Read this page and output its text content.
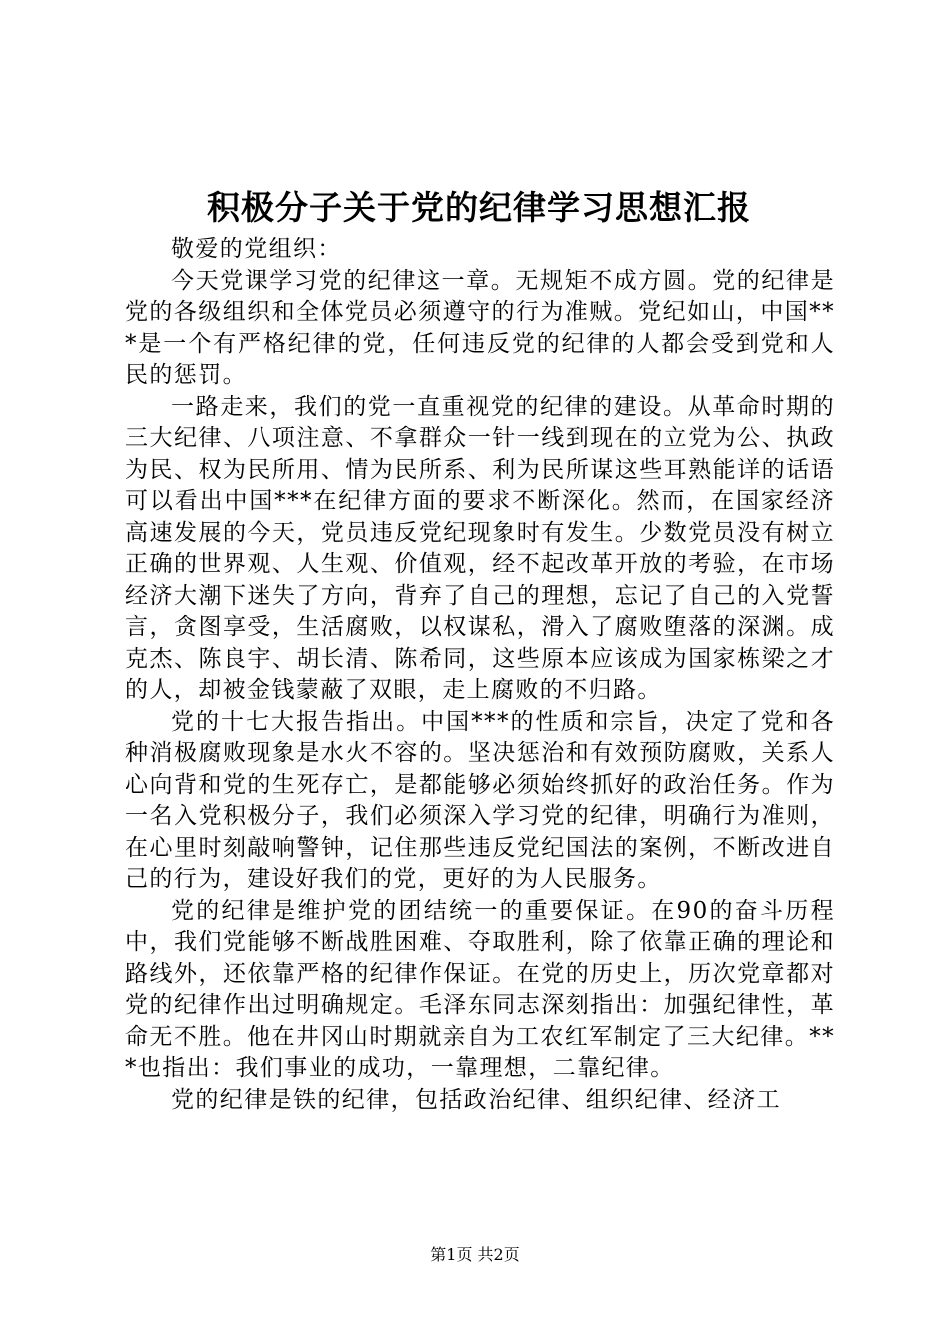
积极分子关于党的纪律学习思想汇报

敬爱的党组织：

今天党课学习党的纪律这一章。无规矩不成方圆。党的纪律是党的各级组织和全体党员必须遵守的行为准贼。党纪如山，中国***是一个有严格纪律的党，任何违反党的纪律的人都会受到党和人民的惩罚。

一路走来，我们的党一直重视党的纪律的建设。从革命时期的三大纪律、八项注意、不拿群众一针一线到现在的立党为公、执政为民、权为民所用、情为民所系、利为民所谋这些耳熟能详的话语可以看出中国***在纪律方面的要求不断深化。然而，在国家经济高速发展的今天，党员违反党纪现象时有发生。少数党员没有树立正确的世界观、人生观、价值观，经不起改革开放的考验，在市场经济大潮下迷失了方向，背弃了自己的理想，忘记了自己的入党誓言，贪图享受，生活腐败，以权谋私，滑入了腐败堕落的深渊。成克杰、陈良宇、胡长清、陈希同，这些原本应该成为国家栋梁之才的人，却被金钱蒙蔽了双眼，走上腐败的不归路。

党的十七大报告指出。中国***的性质和宗旨，决定了党和各种消极腐败现象是水火不容的。坚决惩治和有效预防腐败，关系人心向背和党的生死存亡，是都能够必须始终抓好的政治任务。作为一名入党积极分子，我们必须深入学习党的纪律，明确行为准则，在心里时刻敲响警钟，记住那些违反党纪国法的案例，不断改进自己的行为，建设好我们的党，更好的为人民服务。

党的纪律是维护党的团结统一的重要保证。在90的奋斗历程中，我们党能够不断战胜困难、夺取胜利，除了依靠正确的理论和路线外，还依靠严格的纪律作保证。在党的历史上，历次党章都对党的纪律作出过明确规定。毛泽东同志深刻指出：加强纪律性，革命无不胜。他在井冈山时期就亲自为工农红军制定了三大纪律。***也指出：我们事业的成功，一靠理想，二靠纪律。

党的纪律是铁的纪律，包括政治纪律、组织纪律、经济工

第1页 共2页
